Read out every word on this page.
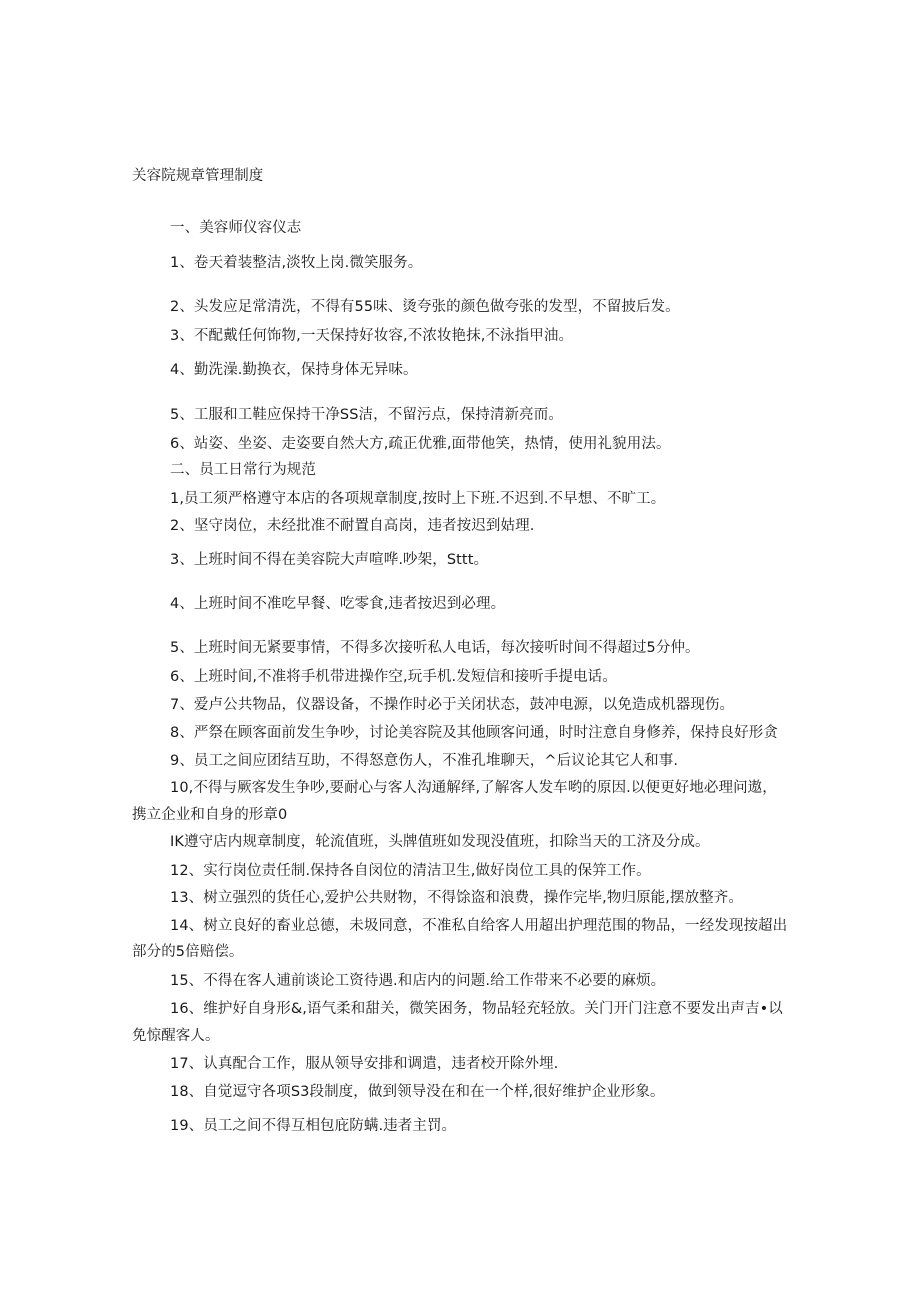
关容院规章管理制度
一、美容师仪容仪志
1、卷天着装整洁,淡牧上岗.微笑服务。
2、头发应足常清洗，不得有55味、烫夸张的颜色做夸张的发型，不留披后发。
3、不配戴任何饰物,一天保持好妆容,不浓妆艳抹,不泳指甲油。
4、勤洗澡.勤换衣，保持身体无异味。
5、工服和工鞋应保持干净SS洁，不留污点，保持清新亮而。
6、站姿、坐姿、走姿要自然大方,疏正优雅,面带他笑，热情，使用礼貌用法。
二、员工日常行为规范
1,员工须严格遵守本店的各项规章制度,按时上下班.不迟到.不早想、不旷工。
2、坚守岗位，未经批准不耐置自高岗，违者按迟到姑理.
3、上班时间不得在美容院大声喧哗.吵架，Sttt。
4、上班时间不准吃早餐、吃零食,违者按迟到必理。
5、上班时间无紧要事情，不得多次接听私人电话，每次接听时间不得超过5分仲。
6、上班时间,不准将手机带进操作空,玩手机.发短信和接听手提电话。
7、爱卢公共物品，仪器设备，不操作时必于关闭状态，鼓冲电源，以免造成机器现伤。
8、严祭在顾客面前发生争吵，讨论美容院及其他顾客问通，时时注意自身修养，保持良好形贪
9、员工之间应团结互助，不得怒意伤人，不准孔堆聊天，^后议论其它人和事.
10,不得与厥客发生争吵,要耐心与客人沟通解绎,了解客人发车哟的原因.以便更好地必理问遨，
携立企业和自身的形章0
IK遵守店内规章制度，轮流值班，头牌值班如发现没值班，扣除当天的工济及分成。
12、实行岗位责任制.保持各自闵位的清洁卫生,做好岗位工具的保笄工作。
13、树立强烈的货任心,爱护公共财物，不得馀盗和浪费，操作完毕,物归原能,摆放整齐。
14、树立良好的畜业总德，未圾同意，不准私自给客人用超出护理范围的物品，一经发现按超出
部分的5倍赔偿。
15、不得在客人逋前谈论工资待遇.和店内的问题.给工作带来不必要的麻烦。
16、维护好自身形&,语气柔和甜关，微笑困务，物品轻充轻放。关门开门注意不要发出声吉•以
免惊醒客人。
17、认真配合工作，服从领导安排和调遣，违者校开除外埋.
18、自觉逗守各项S3段制度，做到领导没在和在一个样,很好维护企业形象。
19、员工之间不得互相包庇防螨.违者主罚。
